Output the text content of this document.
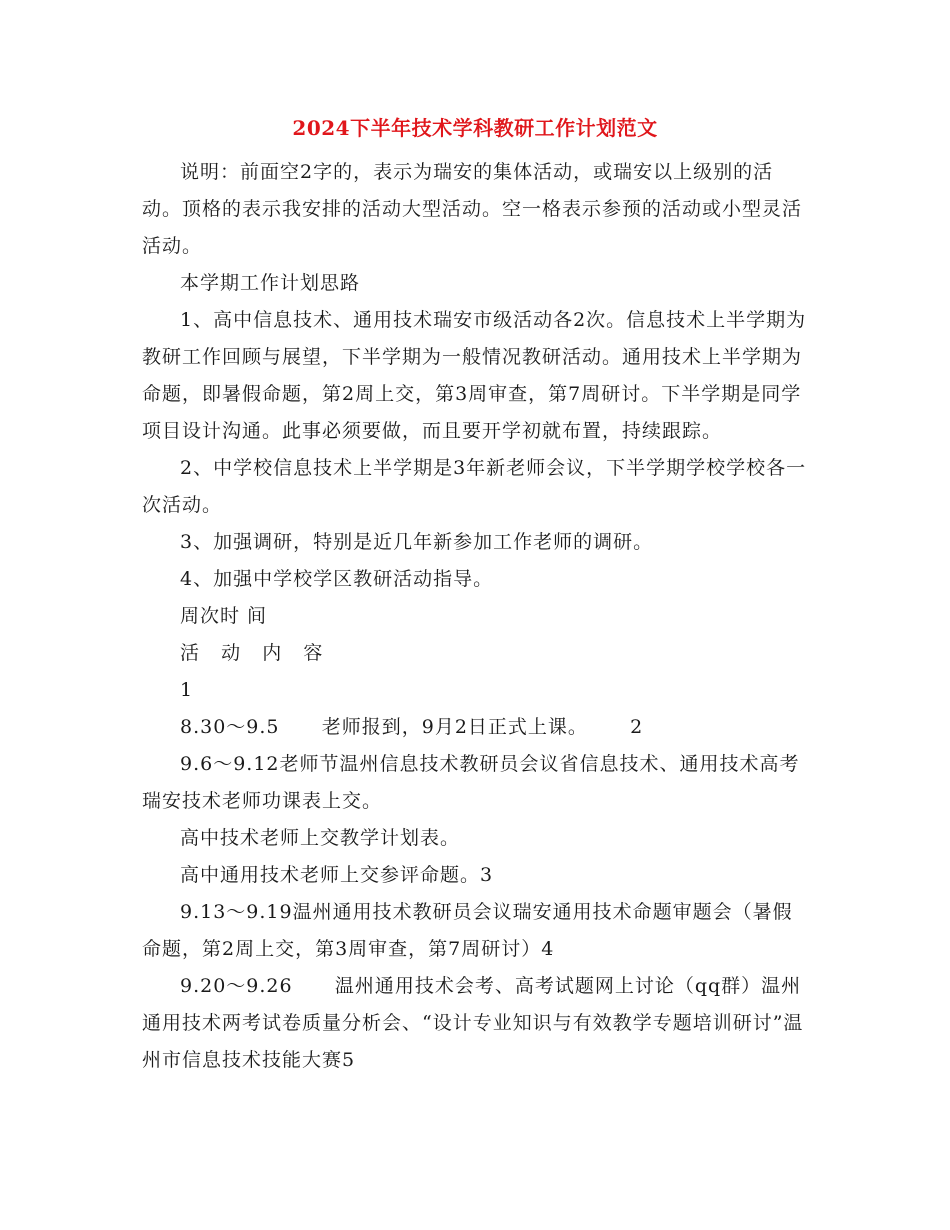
2024下半年技术学科教研工作计划范文

说明：前面空2字的，表示为瑞安的集体活动，或瑞安以上级别的活动。顶格的表示我安排的活动大型活动。空一格表示参预的活动或小型灵活活动。

本学期工作计划思路

1、高中信息技术、通用技术瑞安市级活动各2次。信息技术上半学期为教研工作回顾与展望，下半学期为一般情况教研活动。通用技术上半学期为命题，即暑假命题，第2周上交，第3周审查，第7周研讨。下半学期是同学项目设计沟通。此事必须要做，而且要开学初就布置，持续跟踪。

2、中学校信息技术上半学期是3年新老师会议，下半学期学校学校各一次活动。

3、加强调研，特别是近几年新参加工作老师的调研。

4、加强中学校学区教研活动指导。

周次时 间

活   动   内   容

1

8.30～9.5      老师报到，9月2日正式上课。      2

9.6～9.12老师节温州信息技术教研员会议省信息技术、通用技术高考瑞安技术老师功课表上交。

高中技术老师上交教学计划表。

高中通用技术老师上交参评命题。3

9.13～9.19温州通用技术教研员会议瑞安通用技术命题审题会（暑假命题，第2周上交，第3周审查，第7周研讨）4

9.20～9.26      温州通用技术会考、高考试题网上讨论（qq群）温州通用技术两考试卷质量分析会、“设计专业知识与有效教学专题培训研讨”温州市信息技术技能大赛5
